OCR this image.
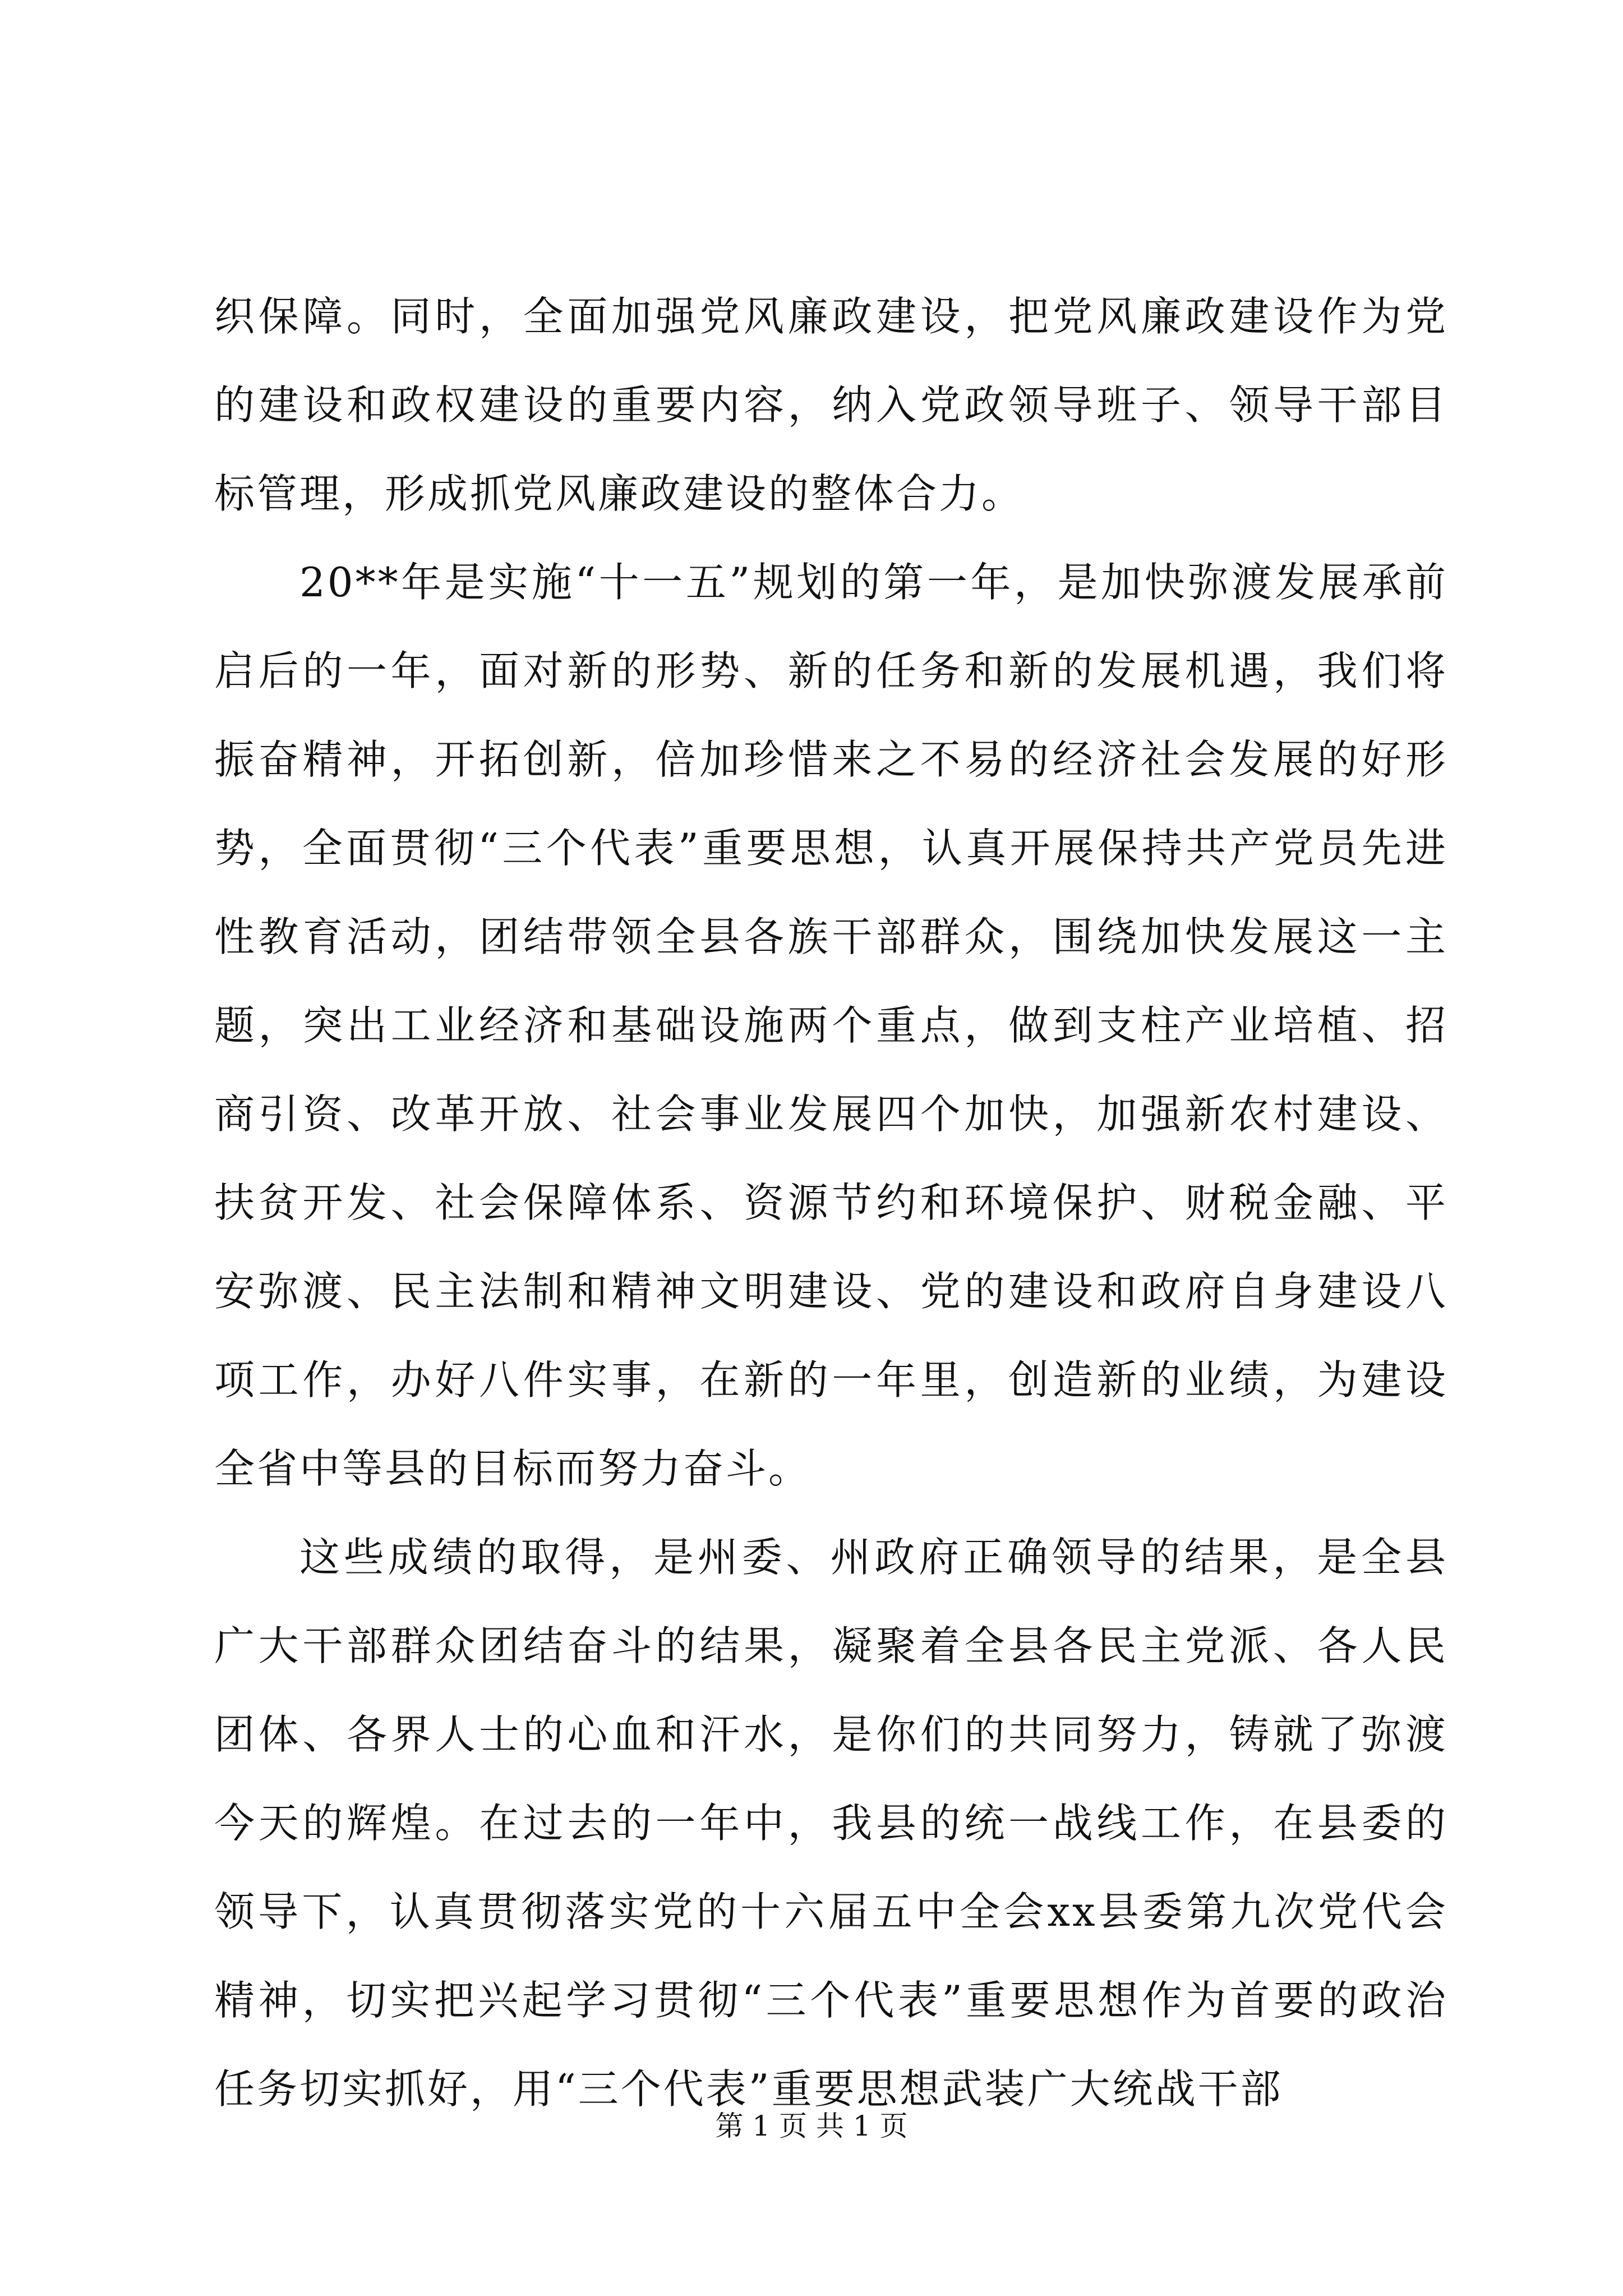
织保障。同时，全面加强党风廉政建设，把党风廉政建设作为党的建设和政权建设的重要内容，纳入党政领导班子、领导干部目标管理，形成抓党风廉政建设的整体合力。

20**年是实施“十一五”规划的第一年，是加快弥渡发展承前启后的一年，面对新的形势、新的任务和新的发展机遇，我们将振奋精神，开拓创新，倍加珍惜来之不易的经济社会发展的好形势，全面贯彻“三个代表”重要思想，认真开展保持共产党员先进性教育活动，团结带领全县各族干部群众，围绕加快发展这一主题，突出工业经济和基础设施两个重点，做到支柱产业培植、招商引资、改革开放、社会事业发展四个加快，加强新农村建设、扶贫开发、社会保障体系、资源节约和环境保护、财税金融、平安弥渡、民主法制和精神文明建设、党的建设和政府自身建设八项工作，办好八件实事，在新的一年里，创造新的业绩，为建设全省中等县的目标而努力奋斗。

这些成绩的取得，是州委、州政府正确领导的结果，是全县广大干部群众团结奋斗的结果，凝聚着全县各民主党派、各人民团体、各界人士的心血和汗水，是你们的共同努力，铸就了弥渡今天的辉煌。在过去的一年中，我县的统一战线工作，在县委的领导下，认真贯彻落实党的十六届五中全会xx县委第九次党代会精神，切实把兴起学习贯彻“三个代表”重要思想作为首要的政治任务切实抓好，用“三个代表”重要思想武装广大统战干部

第 1 页 共 1 页
